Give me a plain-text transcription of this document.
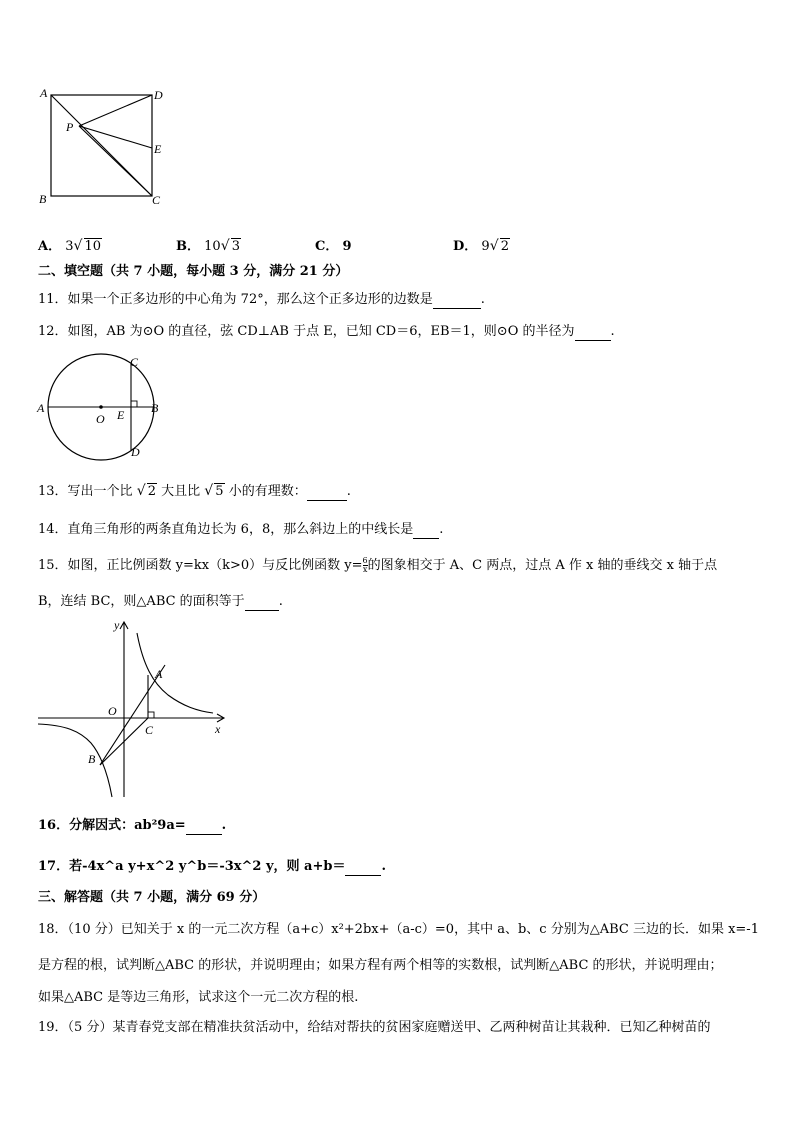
A	D
P
E
B	C
A． 3 √ 10	B． 10 √ 3	C． 9	D． 9 √ 2
二、填空题（共 7 小题，每小题 3 分，满分 21 分）
11．如果一个正多边形的中心角为 72°，那么这个正多边形的边数是	.
12．如图，AB 为⊙O 的直径，弦 CD⊥AB 于点 E，已知 CD＝6，EB＝1，则⊙O 的半径为	.
A
O E B
C
D
13．写出一个比 √ 2 大且比 √ 5 小的有理数：	.
14．直角三角形的两条直角边长为 6，8，那么斜边上的中线长是 .
15．如图，正比例函数 y=kx（k>0）与反比例函数 $y= \frac{6}{x}$ 的图象相交于 A、C 两点，过点 A 作 x 轴的垂线交 x 轴于点
B，连结 BC，则△ABC 的面积等于	.
y
A
O
C	x
B
16．分解因式：ab²9a=	.
17．若-4x^a y+x^2 y^b＝-3x^2 y，则 a+b＝	.
三、解答题（共 7 小题，满分 69 分）
18．（10 分）已知关于 x 的一元二次方程（a+c）x²+2bx+（a-c）=0，其中 a、b、c 分别为△ABC 三边的长．如果 x=-1
是方程的根，试判断△ABC 的形状，并说明理由；如果方程有两个相等的实数根，试判断△ABC 的形状，并说明理由；
如果△ABC 是等边三角形，试求这个一元二次方程的根.
19．（5 分）某青春党支部在精准扶贫活动中，给结对帮扶的贫困家庭赠送甲、乙两种树苗让其栽种．已知乙种树苗的
